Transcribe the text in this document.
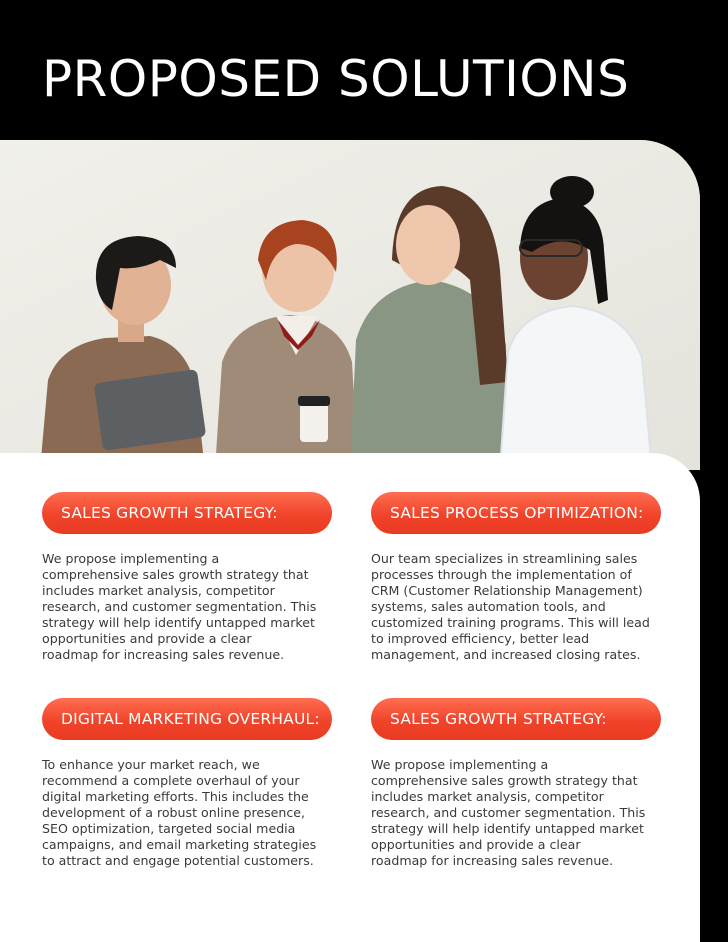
PROPOSED SOLUTIONS
SALES GROWTH STRATEGY:
We propose implementing a
comprehensive sales growth strategy that
includes market analysis, competitor
research, and customer segmentation. This
strategy will help identify untapped market
opportunities and provide a clear
roadmap for increasing sales revenue.
SALES PROCESS OPTIMIZATION:
Our team specializes in streamlining sales
processes through the implementation of
CRM (Customer Relationship Management)
systems, sales automation tools, and
customized training programs. This will lead
to improved efficiency, better lead
management, and increased closing rates.
DIGITAL MARKETING OVERHAUL:
To enhance your market reach, we
recommend a complete overhaul of your
digital marketing efforts. This includes the
development of a robust online presence,
SEO optimization, targeted social media
campaigns, and email marketing strategies
to attract and engage potential customers.
SALES GROWTH STRATEGY:
We propose implementing a
comprehensive sales growth strategy that
includes market analysis, competitor
research, and customer segmentation. This
strategy will help identify untapped market
opportunities and provide a clear
roadmap for increasing sales revenue.
